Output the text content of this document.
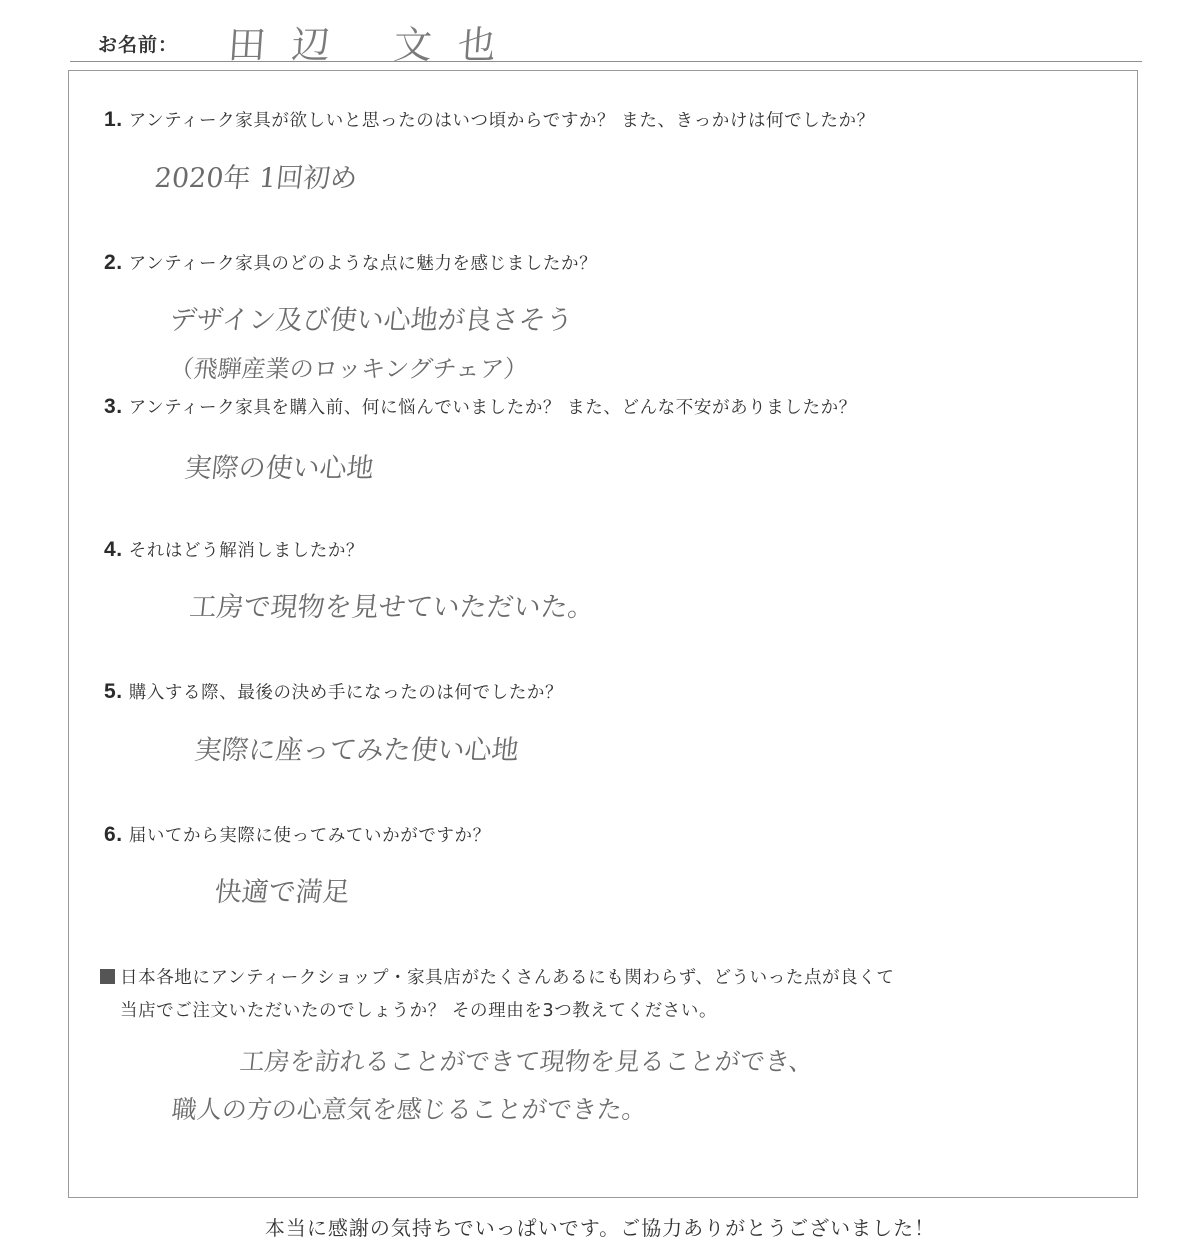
お名前： 田辺 文也
1. アンティーク家具が欲しいと思ったのはいつ頃からですか？ また、きっかけは何でしたか？
2020年 1回初め
2. アンティーク家具のどのような点に魅力を感じましたか？
デザイン及び使い心地が良さそう
（飛騨産業のロッキングチェア）
3. アンティーク家具を購入前、何に悩んでいましたか？ また、どんな不安がありましたか？
実際の使い心地
4. それはどう解消しましたか？
工房で現物を見せていただいた。
5. 購入する際、最後の決め手になったのは何でしたか？
実際に座ってみた使い心地
6. 届いてから実際に使ってみていかがですか？
快適で満足
日本各地にアンティークショップ・家具店がたくさんあるにも関わらず、どういった点が良くて
当店でご注文いただいたのでしょうか？ その理由を3つ教えてください。
工房を訪れることができて現物を見ることができ、
職人の方の心意気を感じることができた。
本当に感謝の気持ちでいっぱいです。ご協力ありがとうございました！
